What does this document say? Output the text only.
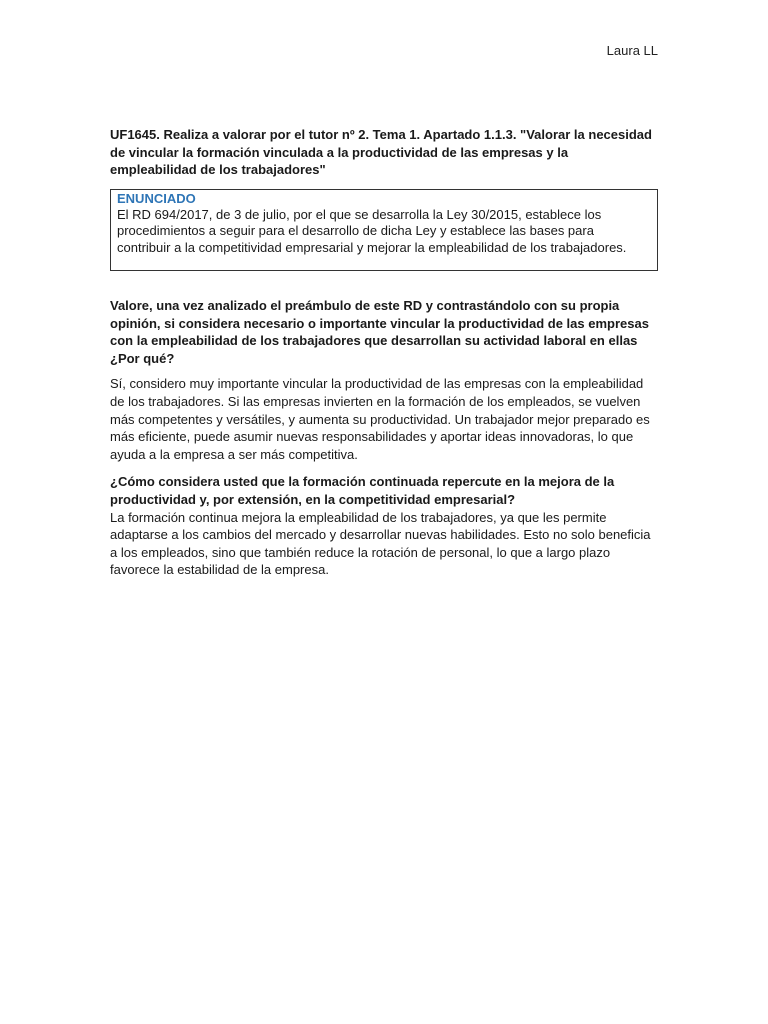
Laura LL

UF1645. Realiza a valorar por el tutor nº 2. Tema 1. Apartado 1.1.3. "Valorar la necesidad de vincular la formación vinculada a la productividad de las empresas y la empleabilidad de los trabajadores"

ENUNCIADO

El RD 694/2017, de 3 de julio, por el que se desarrolla la Ley 30/2015, establece los procedimientos a seguir para el desarrollo de dicha Ley y establece las bases para contribuir a la competitividad empresarial y mejorar la empleabilidad de los trabajadores.

Valore, una vez analizado el preámbulo de este RD y contrastándolo con su propia opinión, si considera necesario o importante vincular la productividad de las empresas con la empleabilidad de los trabajadores que desarrollan su actividad laboral en ellas ¿Por qué?

Sí, considero muy importante vincular la productividad de las empresas con la empleabilidad de los trabajadores. Si las empresas invierten en la formación de los empleados, se vuelven más competentes y versátiles, y aumenta su productividad. Un trabajador mejor preparado es más eficiente, puede asumir nuevas responsabilidades y aportar ideas innovadoras, lo que ayuda a la empresa a ser más competitiva.

¿Cómo considera usted que la formación continuada repercute en la mejora de la productividad y, por extensión, en la competitividad empresarial?

La formación continua mejora la empleabilidad de los trabajadores, ya que les permite adaptarse a los cambios del mercado y desarrollar nuevas habilidades. Esto no solo beneficia a los empleados, sino que también reduce la rotación de personal, lo que a largo plazo favorece la estabilidad de la empresa.
